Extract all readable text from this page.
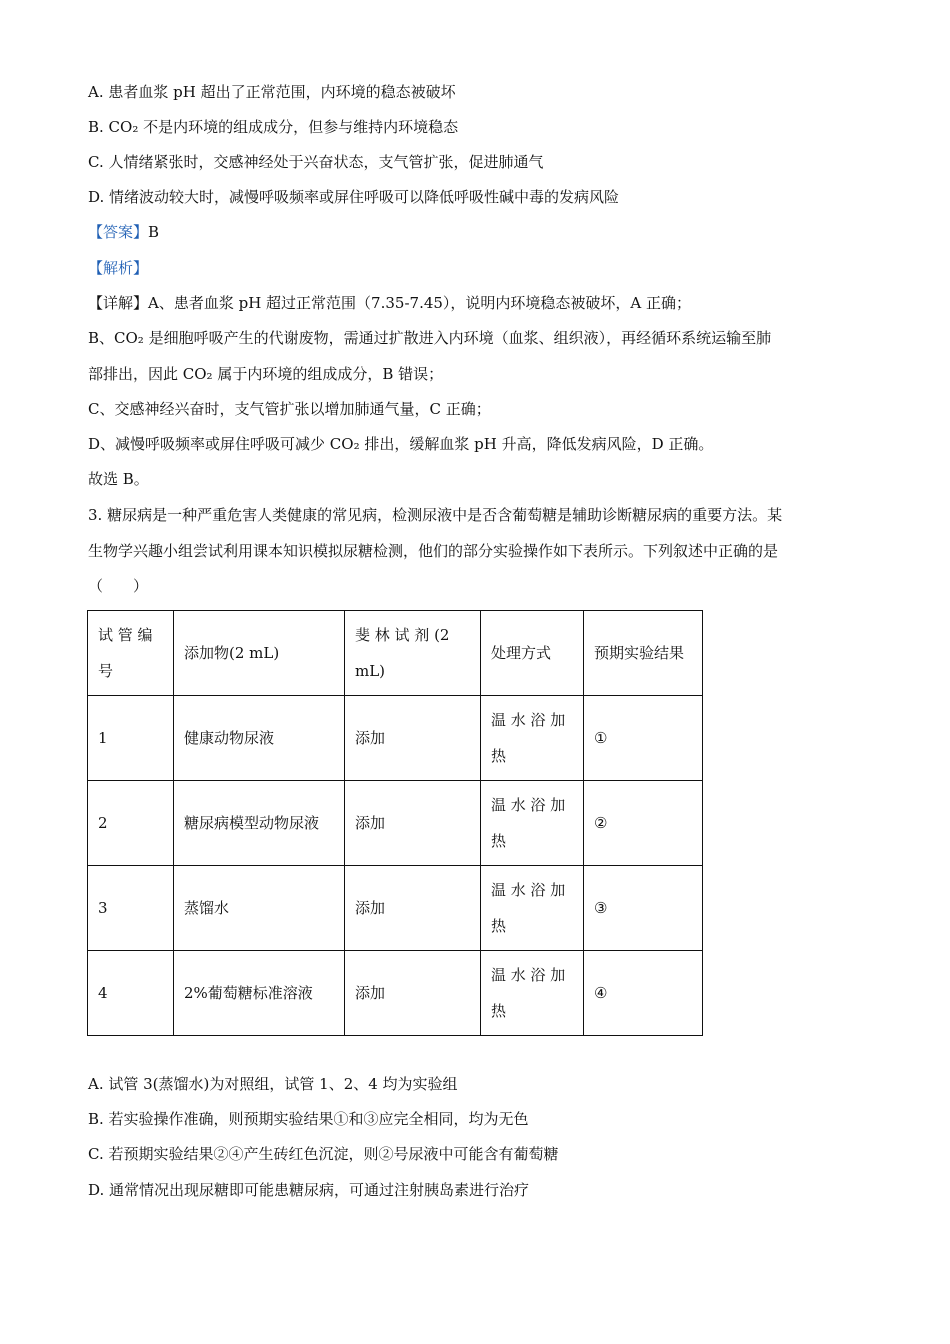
A. 患者血浆 pH 超出了正常范围，内环境的稳态被破坏
B. CO₂ 不是内环境的组成成分，但参与维持内环境稳态
C. 人情绪紧张时，交感神经处于兴奋状态，支气管扩张，促进肺通气
D. 情绪波动较大时，减慢呼吸频率或屏住呼吸可以降低呼吸性碱中毒的发病风险
【答案】B
【解析】
【详解】A、患者血浆 pH 超过正常范围（7.35-7.45），说明内环境稳态被破坏，A 正确；
B、CO₂ 是细胞呼吸产生的代谢废物，需通过扩散进入内环境（血浆、组织液），再经循环系统运输至肺
部排出，因此 CO₂ 属于内环境的组成成分，B 错误；
C、交感神经兴奋时，支气管扩张以增加肺通气量，C 正确；
D、减慢呼吸频率或屏住呼吸可减少 CO₂ 排出，缓解血浆 pH 升高，降低发病风险，D 正确。
故选 B。
3. 糖尿病是一种严重危害人类健康的常见病，检测尿液中是否含葡萄糖是辅助诊断糖尿病的重要方法。某
生物学兴趣小组尝试利用课本知识模拟尿糖检测，他们的部分实验操作如下表所示。下列叙述中正确的是
（　　）
试 管 编 号	添加物(2 mL)	斐 林 试 剂 (2 mL)	处理方式	预期实验结果
1	健康动物尿液	添加	温 水 浴 加 热	①
2	糖尿病模型动物尿液	添加	温 水 浴 加 热	②
3	蒸馏水	添加	温 水 浴 加 热	③
4	2%葡萄糖标准溶液	添加	温 水 浴 加 热	④
A. 试管 3(蒸馏水)为对照组，试管 1、2、4 均为实验组
B. 若实验操作准确，则预期实验结果①和③应完全相同，均为无色
C. 若预期实验结果②④产生砖红色沉淀，则②号尿液中可能含有葡萄糖
D. 通常情况出现尿糖即可能患糖尿病，可通过注射胰岛素进行治疗
